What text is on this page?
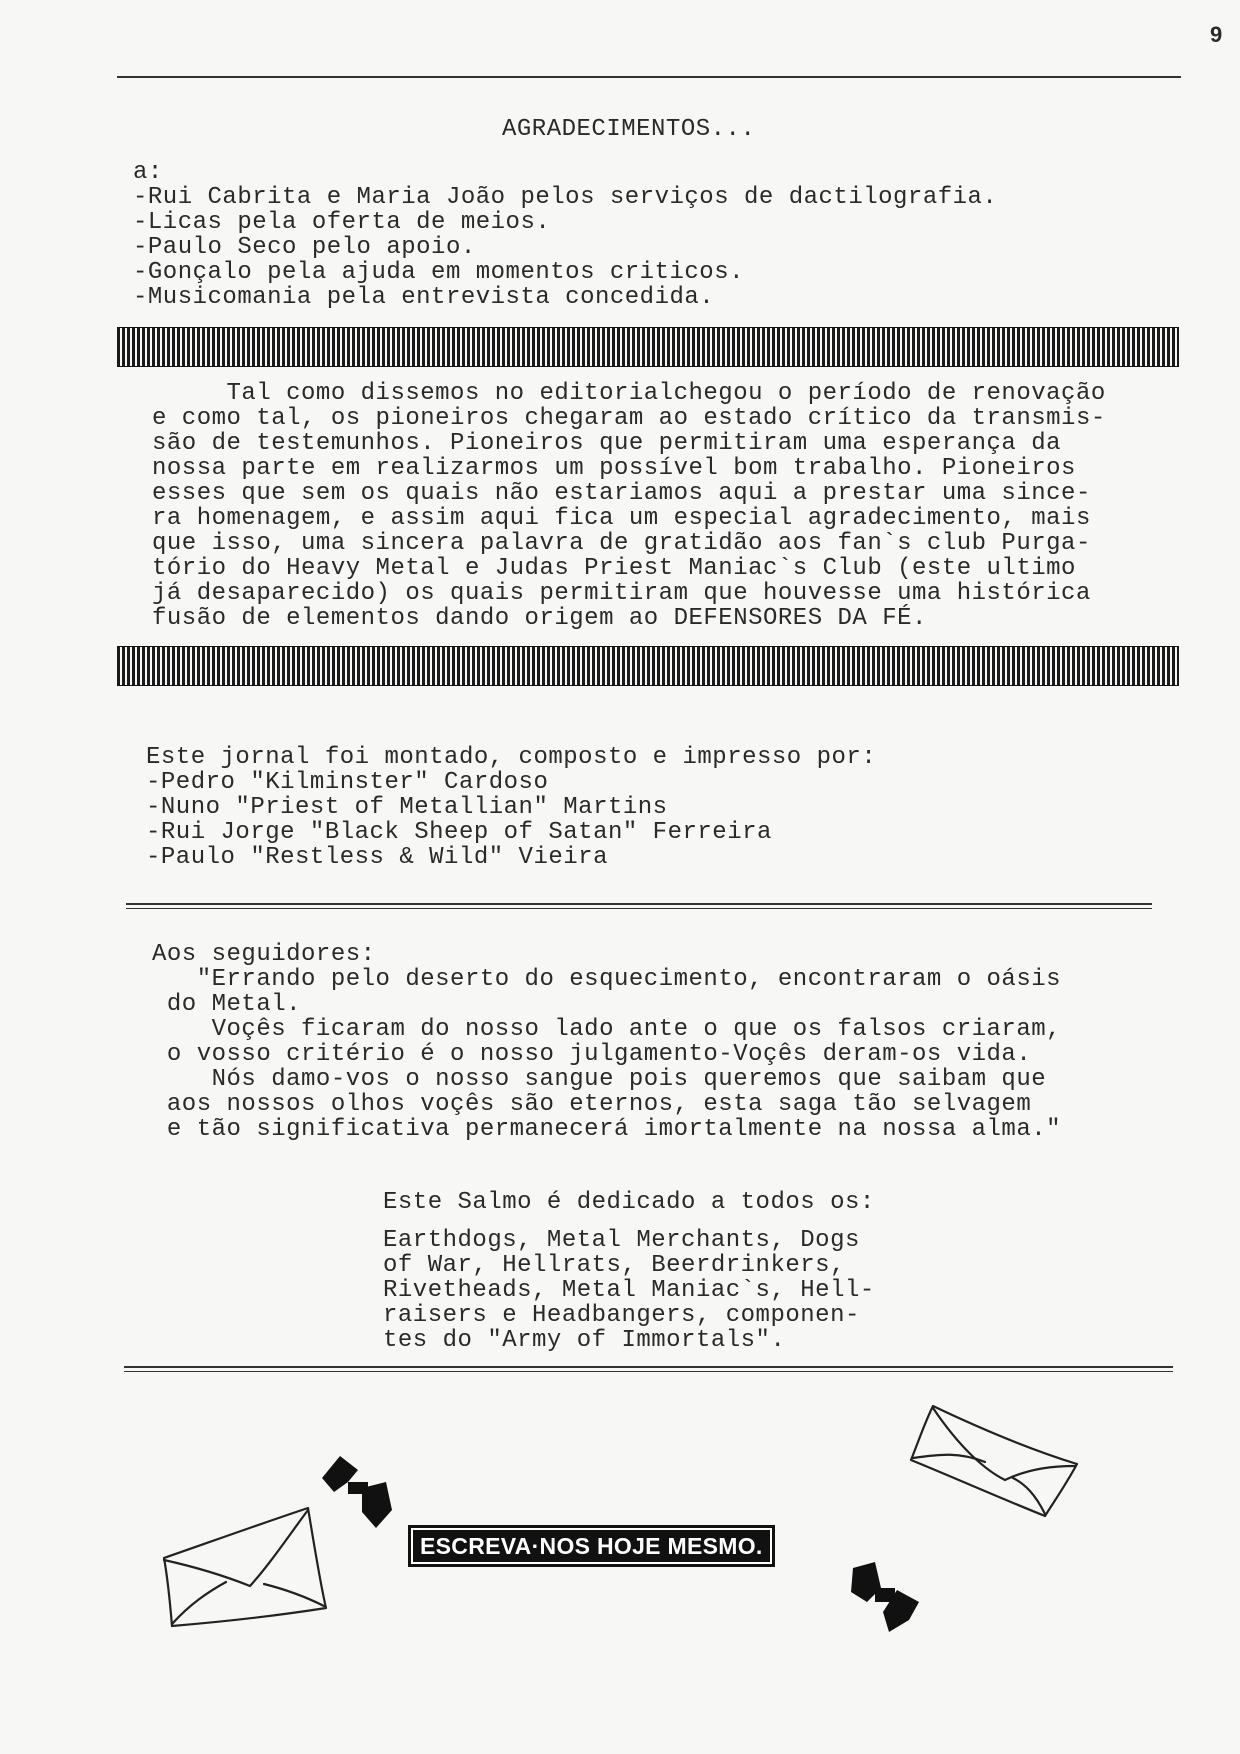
9
AGRADECIMENTOS...
a:
-Rui Cabrita e Maria João pelos serviços de dactilografia.
-Licas pela oferta de meios.
-Paulo Seco pelo apoio.
-Gonçalo pela ajuda em momentos criticos.
-Musicomania pela entrevista concedida.
Tal como dissemos no editorialchegou o período de renovação
e como tal, os pioneiros chegaram ao estado crítico da transmis-
são de testemunhos. Pioneiros que permitiram uma esperança da
nossa parte em realizarmos um possível bom trabalho. Pioneiros
esses que sem os quais não estariamos aqui a prestar uma since-
ra homenagem, e assim aqui fica um especial agradecimento, mais
que isso, uma sincera palavra de gratidão aos fan`s club Purga-
tório do Heavy Metal e Judas Priest Maniac`s Club (este ultimo
já desaparecido) os quais permitiram que houvesse uma histórica
fusão de elementos dando origem ao DEFENSORES DA FÉ.
Este jornal foi montado, composto e impresso por:
-Pedro "Kilminster" Cardoso
-Nuno "Priest of Metallian" Martins
-Rui Jorge "Black Sheep of Satan" Ferreira
-Paulo "Restless & Wild" Vieira
Aos seguidores:
"Errando pelo deserto do esquecimento, encontraram o oásis
do Metal.
Voçês ficaram do nosso lado ante o que os falsos criaram,
o vosso critério é o nosso julgamento-Voçês deram-os vida.
Nós damo-vos o nosso sangue pois queremos que saibam que
aos nossos olhos voçês são eternos, esta saga tão selvagem
e tão significativa permanecerá imortalmente na nossa alma."
Este Salmo é dedicado a todos os:
Earthdogs, Metal Merchants, Dogs
of War, Hellrats, Beerdrinkers,
Rivetheads, Metal Maniac`s, Hell-
raisers e Headbangers, componen-
tes do "Army of Immortals".
ESCREVA·NOS HOJE MESMO.
